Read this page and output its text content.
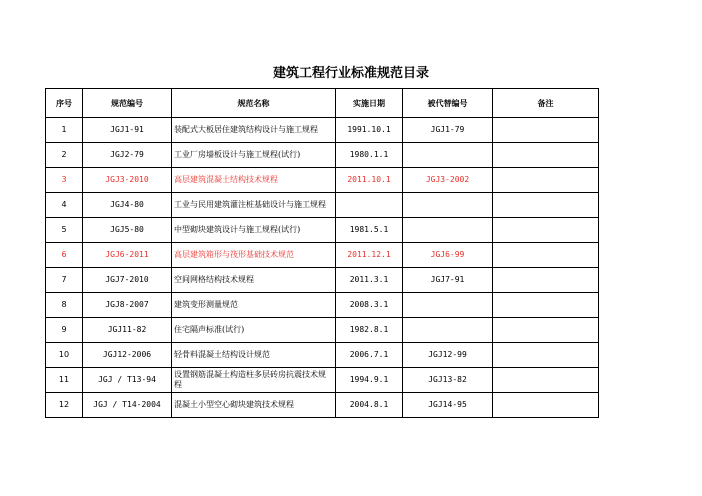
建筑工程行业标准规范目录
序号	规范编号	规范名称	实施日期	被代替编号	备注
1	JGJ1-91	装配式大板居住建筑结构设计与施工规程	1991.10.1	JGJ1-79	
2	JGJ2-79	工业厂房墙板设计与施工规程(试行)	1980.1.1		
3	JGJ3-2010	高层建筑混凝土结构技术规程	2011.10.1	JGJ3-2002	
4	JGJ4-80	工业与民用建筑灌注桩基础设计与施工规程			
5	JGJ5-80	中型砌块建筑设计与施工规程(试行)	1981.5.1		
6	JGJ6-2011	高层建筑箱形与筏形基础技术规范	2011.12.1	JGJ6-99	
7	JGJ7-2010	空间网格结构技术规程	2011.3.1	JGJ7-91	
8	JGJ8-2007	建筑变形测量规范	2008.3.1		
9	JGJ11-82	住宅隔声标准(试行)	1982.8.1		
10	JGJ12-2006	轻骨料混凝土结构设计规范	2006.7.1	JGJ12-99	
11	JGJ / T13-94	设置钢筋混凝土构造柱多层砖房抗震技术规程	1994.9.1	JGJ13-82	
12	JGJ / T14-2004	混凝土小型空心砌块建筑技术规程	2004.8.1	JGJ14-95	
